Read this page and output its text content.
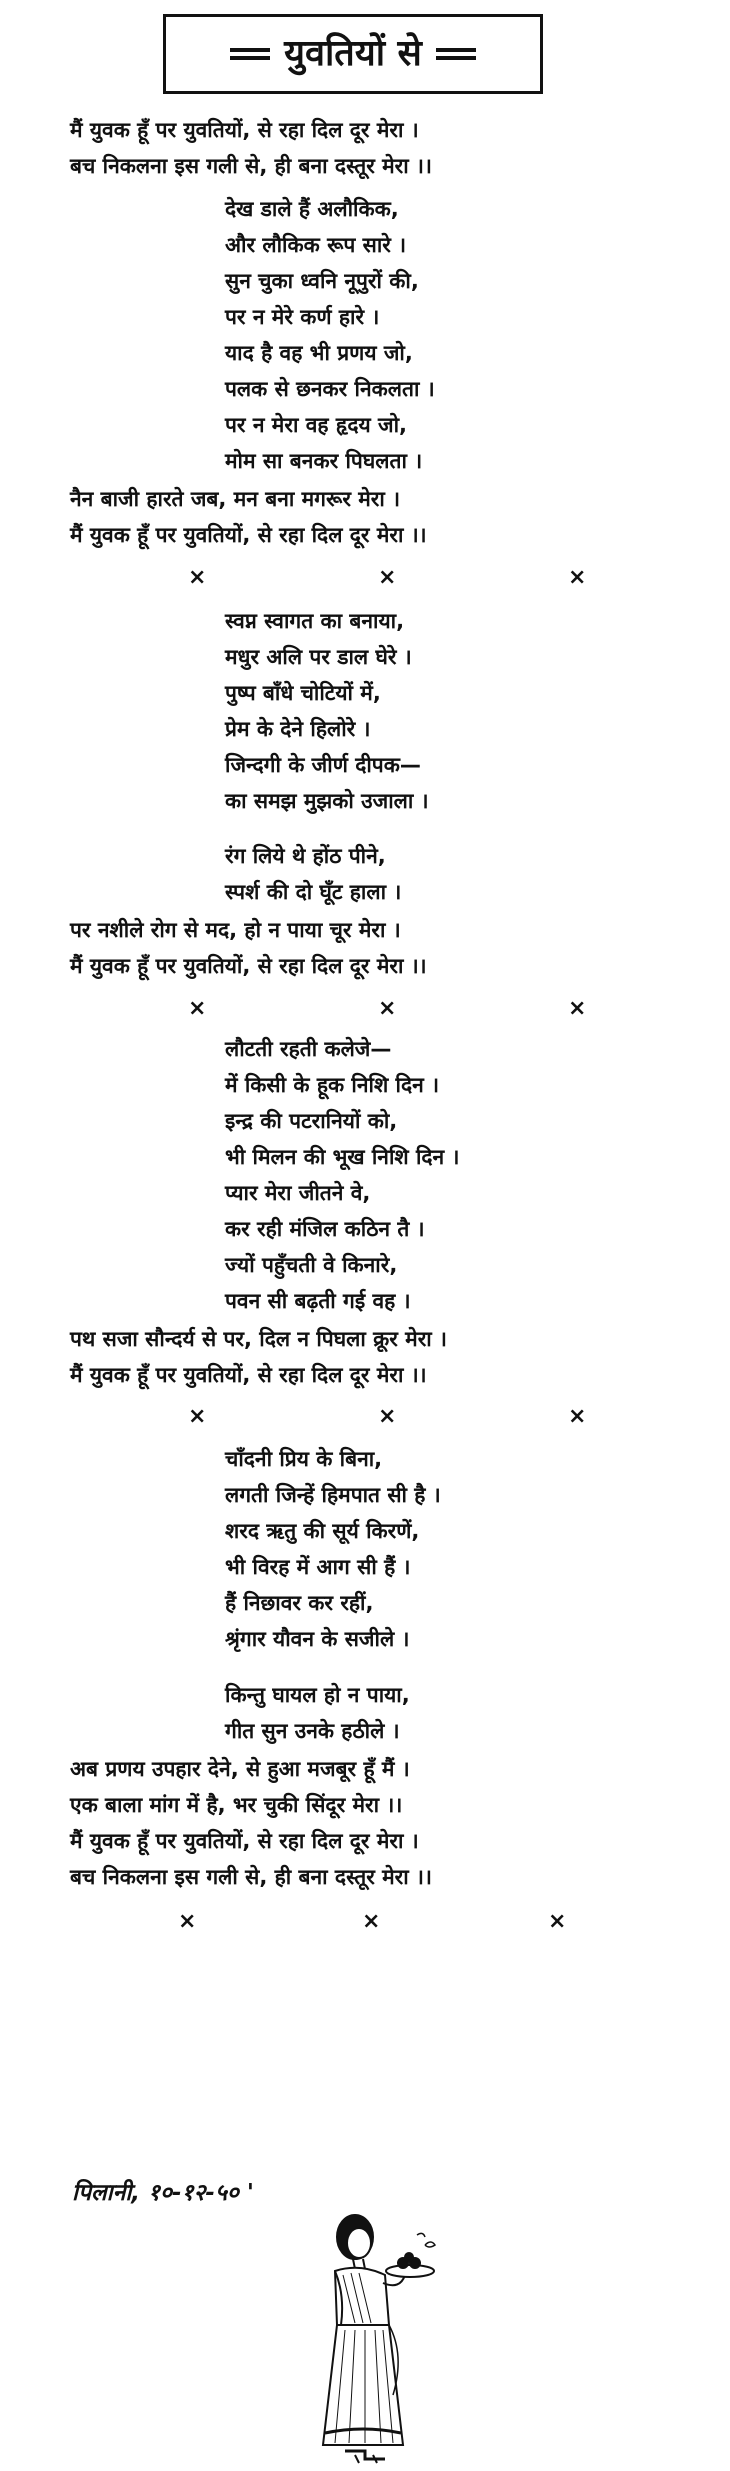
युवतियों से
मैं युवक हूँ पर युवतियों, से रहा दिल दूर मेरा ।
बच निकलना इस गली से, ही बना दस्तूर मेरा ।।
देख डाले हैं अलौकिक,
और लौकिक रूप सारे ।
सुन चुका ध्वनि नूपुरों की,
पर न मेरे कर्ण हारे ।
याद है वह भी प्रणय जो,
पलक से छनकर निकलता ।
पर न मेरा वह हृदय जो,
मोम सा बनकर पिघलता ।
नैन बाजी हारते जब, मन बना मगरूर मेरा ।
मैं युवक हूँ पर युवतियों, से रहा दिल दूर मेरा ।।
×	×	×
स्वप्न स्वागत का बनाया,
मधुर अलि पर डाल घेरे ।
पुष्प बाँधे चोटियों में,
प्रेम के देने हिलोरे ।
जिन्दगी के जीर्ण दीपक—
का समझ मुझको उजाला ।
रंग लिये थे होंठ पीने,
स्पर्श की दो घूँट हाला ।
पर नशीले रोग से मद, हो न पाया चूर मेरा ।
मैं युवक हूँ पर युवतियों, से रहा दिल दूर मेरा ।।
×	×	×
लौटती रहती कलेजे—
में किसी के हूक निशि दिन ।
इन्द्र की पटरानियों को,
भी मिलन की भूख निशि दिन ।
प्यार मेरा जीतने वे,
कर रही मंजिल कठिन तै ।
ज्यों पहुँचती वे किनारे,
पवन सी बढ़ती गई वह ।
पथ सजा सौन्दर्य से पर, दिल न पिघला क्रूर मेरा ।
मैं युवक हूँ पर युवतियों, से रहा दिल दूर मेरा ।।
×	×	×
चाँदनी प्रिय के बिना,
लगती जिन्हें हिमपात सी है ।
शरद ऋतु की सूर्य किरणें,
भी विरह में आग सी हैं ।
हैं निछावर कर रहीं,
श्रृंगार यौवन के सजीले ।
किन्तु घायल हो न पाया,
गीत सुन उनके हठीले ।
अब प्रणय उपहार देने, से हुआ मजबूर हूँ मैं ।
एक बाला मांग में है, भर चुकी सिंदूर मेरा ।।
मैं युवक हूँ पर युवतियों, से रहा दिल दूर मेरा ।
बच निकलना इस गली से, ही बना दस्तूर मेरा ।।
×	×	×
पिलानी, १०-१२-५० '
